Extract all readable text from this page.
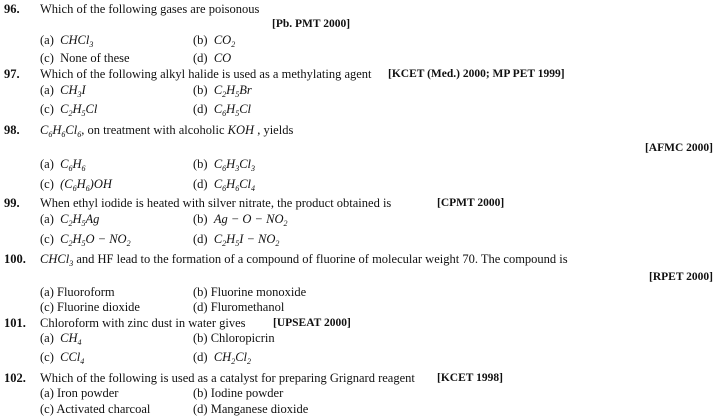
96. Which of the following gases are poisonous
[Pb. PMT 2000]
(a) CHCl$_3$	(b) $CO_2$
(c) None of these	(d) CO
97. Which of the following alkyl halide is used as a methylating agent [KCET (Med.) 2000; MP PET 1999]
(a) $CH_3I$	(b) $C_2H_5Br$
(c) $C_2H_5Cl$	(d) $C_6H_5Cl$
98. $C_6H_6Cl_6$, on treatment with alcoholic KOH , yields
[AFMC 2000]
(a) $C_6H_6$	(b) $C_6H_3Cl_3$
(c) $(C_6H_6)OH$	(d) $C_6H_6Cl_4$
99. When ethyl iodide is heated with silver nitrate, the product obtained is	[CPMT 2000]
(a) $C_2H_5Ag$	(b) $Ag - O - NO_2$
(c) $C_2H_5O - NO_2$	(d) $C_2H_5I - NO_2$
100. CHCl$_3$ and HF lead to the formation of a compound of fluorine of molecular weight 70. The compound is
[RPET 2000]
(a) Fluoroform	(b) Fluorine monoxide
(c) Fluorine dioxide	(d) Fluromethanol
101. Chloroform with zinc dust in water gives [UPSEAT 2000]
(a) $CH_4$	(b) Chloropicrin
(c) CCl$_4$	(d) $CH_2Cl_2$
102. Which of the following is used as a catalyst for preparing Grignard reagent [KCET 1998]
(a) Iron powder	(b) Iodine powder
(c) Activated charcoal	(d) Manganese dioxide
